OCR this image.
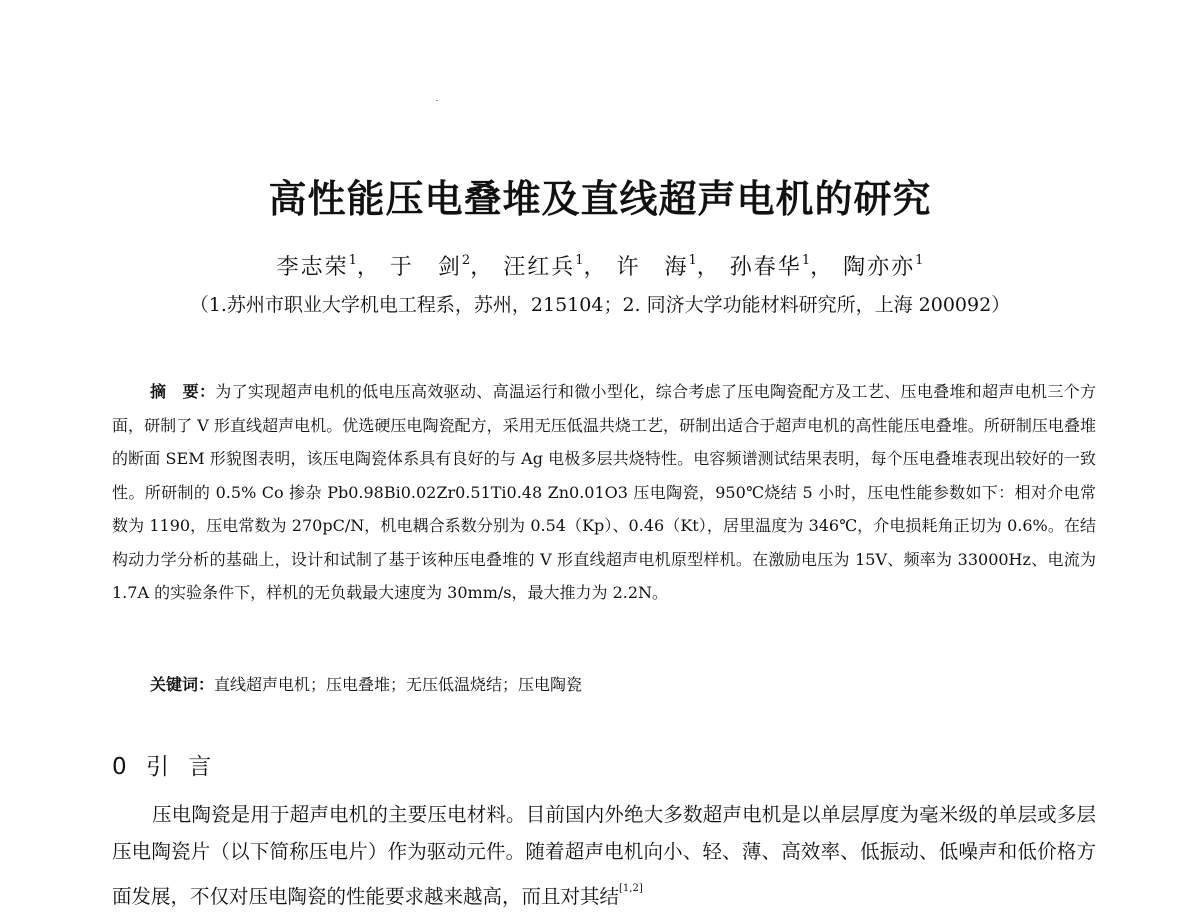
高性能压电叠堆及直线超声电机的研究
李志荣$^1$， 于　剑$^2$， 汪红兵$^1$， 许　海$^1$， 孙春华$^1$， 陶亦亦$^1$
（1.苏州市职业大学机电工程系，苏州，215104；2. 同济大学功能材料研究所，上海 200092）
摘　要：为了实现超声电机的低电压高效驱动、高温运行和微小型化，综合考虑了压电陶瓷配方及工艺、压电叠堆和超声电机三个方面，研制了 V 形直线超声电机。优选硬压电陶瓷配方，采用无压低温共烧工艺，研制出适合于超声电机的高性能压电叠堆。所研制压电叠堆的断面 SEM 形貌图表明，该压电陶瓷体系具有良好的与 Ag 电极多层共烧特性。电容频谱测试结果表明，每个压电叠堆表现出较好的一致性。所研制的 0.5% Co 掺杂 Pb0.98Bi0.02Zr0.51Ti0.48 Zn0.01O3 压电陶瓷，950℃烧结 5 小时，压电性能参数如下：相对介电常数为 1190，压电常数为 270pC/N，机电耦合系数分别为 0.54（Kp）、0.46（Kt），居里温度为 346℃，介电损耗角正切为 0.6%。在结构动力学分析的基础上，设计和试制了基于该种压电叠堆的 V 形直线超声电机原型样机。在激励电压为 15V、频率为 33000Hz、电流为 1.7A 的实验条件下，样机的无负载最大速度为 30mm/s，最大推力为 2.2N。
关键词：直线超声电机；压电叠堆；无压低温烧结；压电陶瓷
0 引 言
压电陶瓷是用于超声电机的主要压电材料。目前国内外绝大多数超声电机是以单层厚度为毫米级的单层或多层压电陶瓷片（以下简称压电片）作为驱动元件。随着超声电机向小、轻、薄、高效率、低振动、低噪声和低价格方面发展，不仅对压电陶瓷的性能要求越来越高，而且对其结[1,2]
